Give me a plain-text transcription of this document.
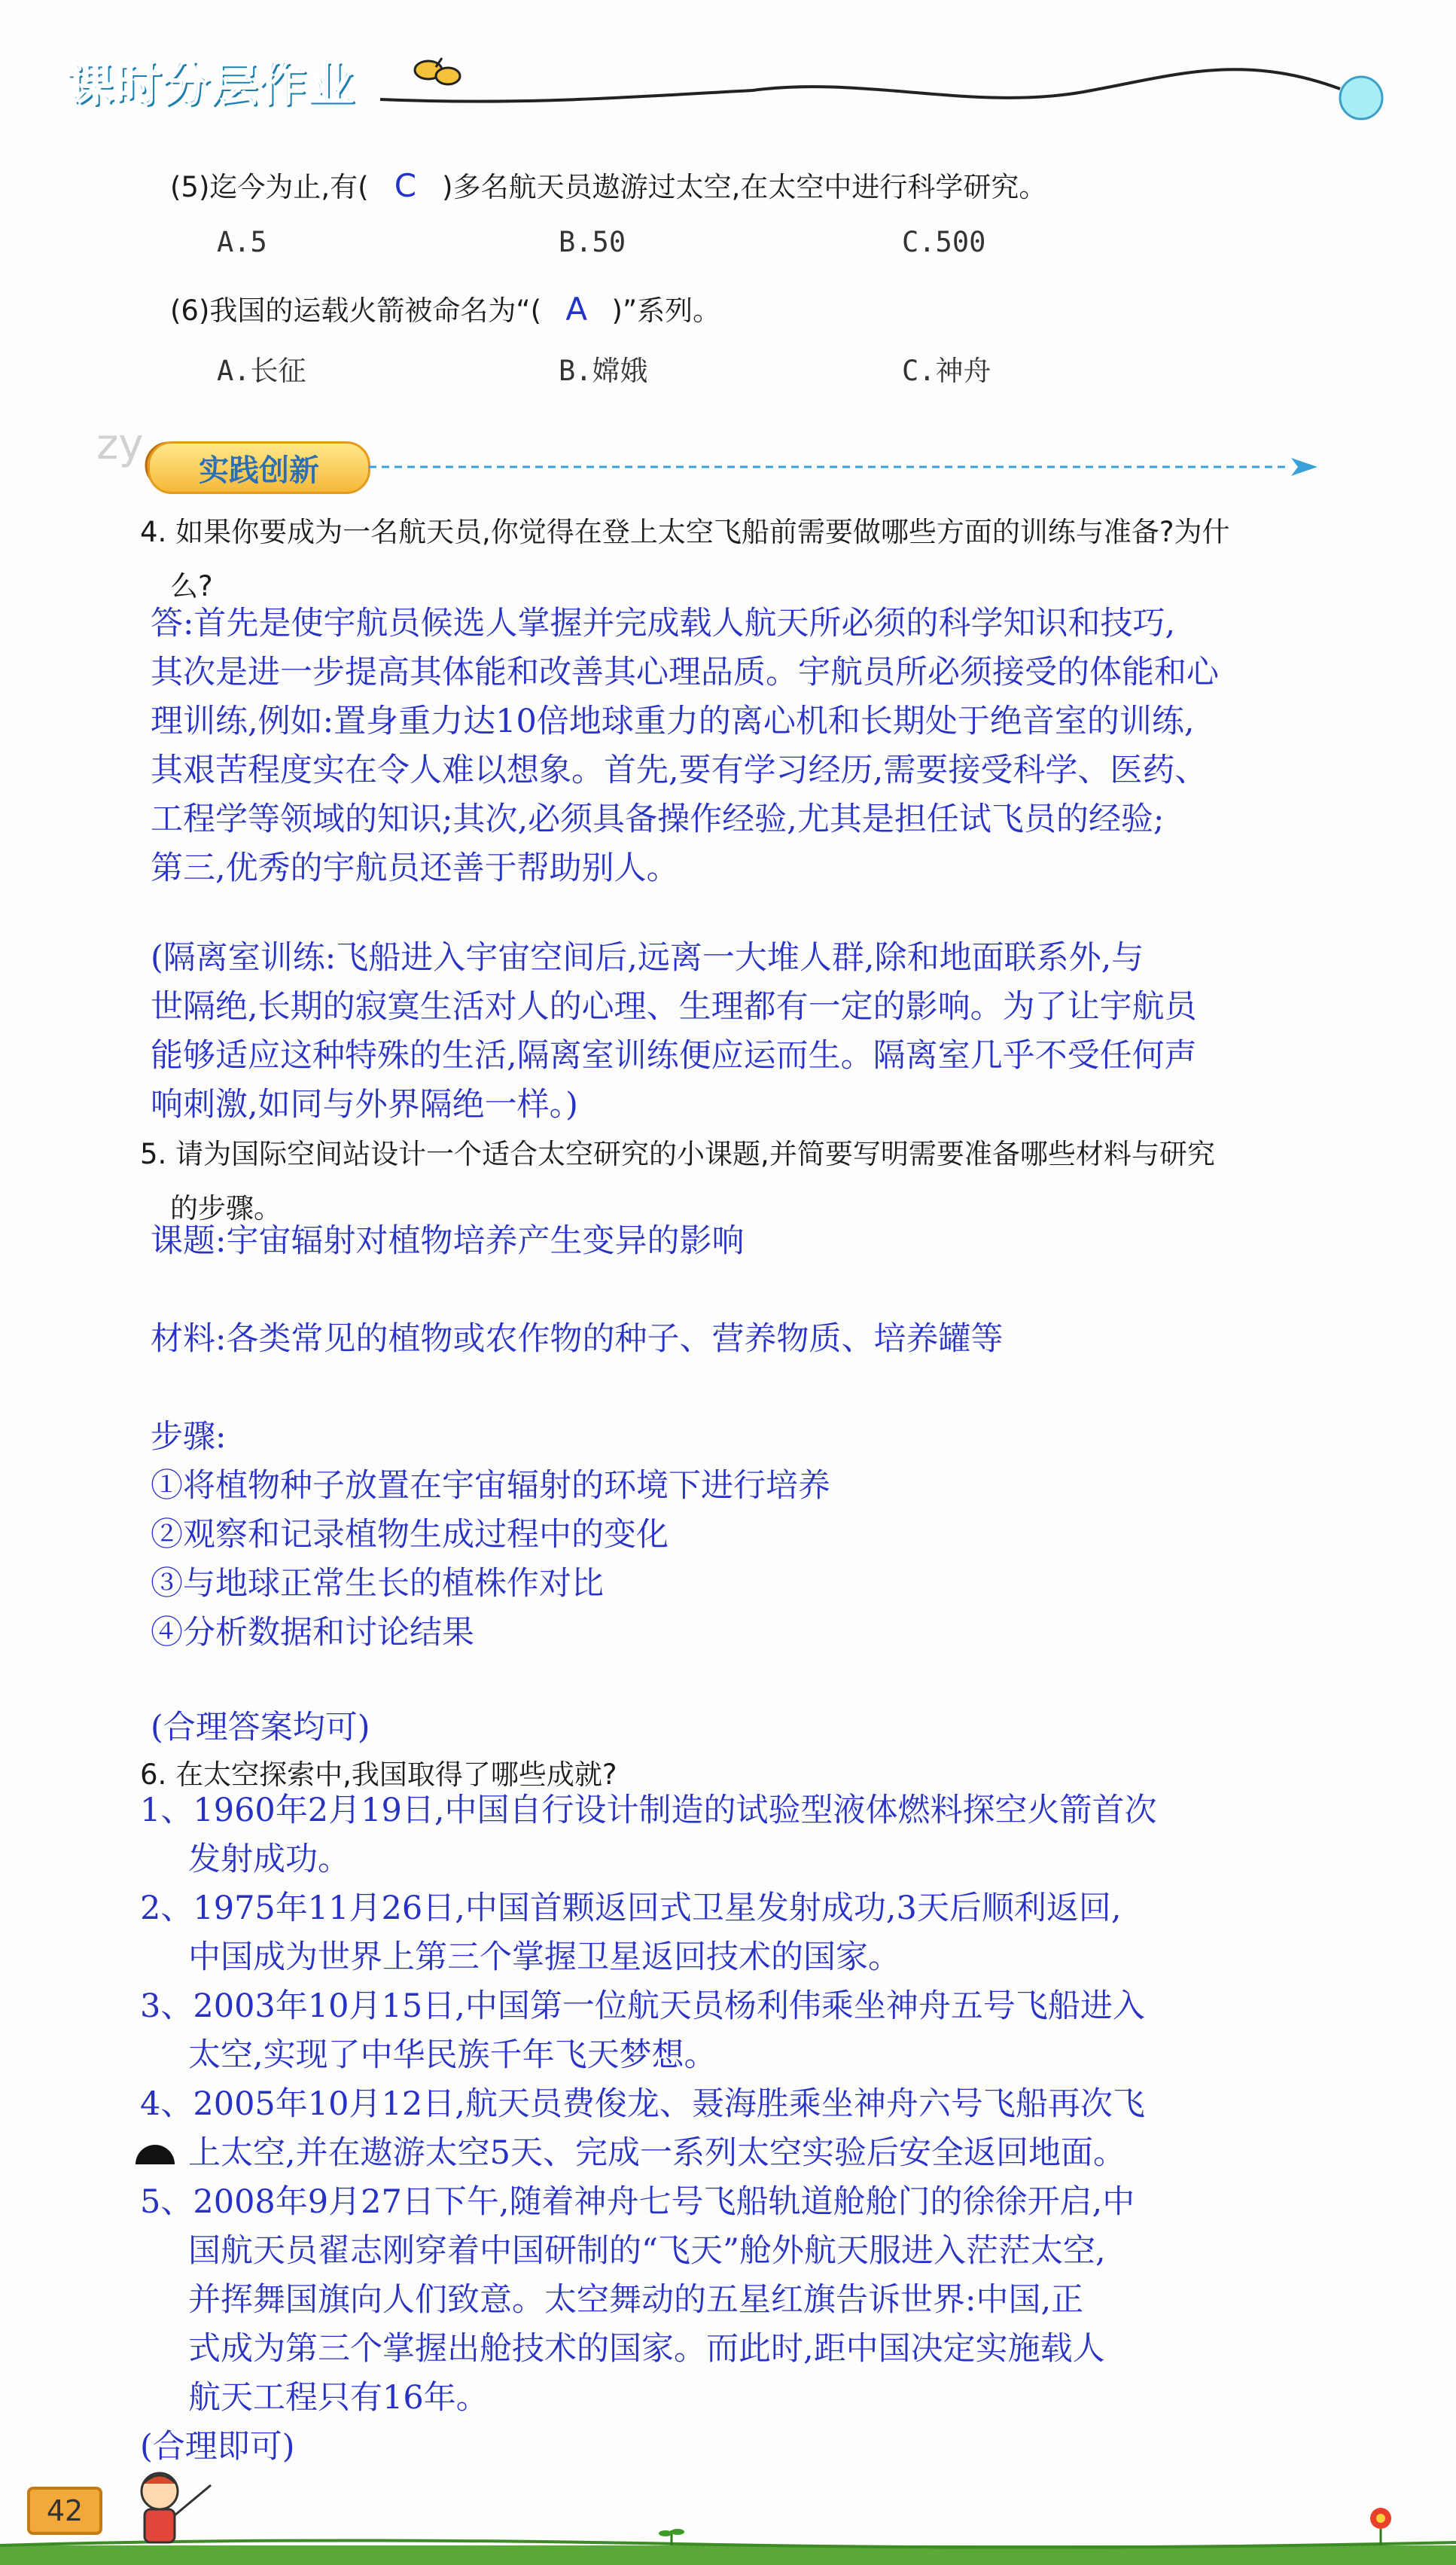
课时分层作业
(5)迄今为止,有( C )多名航天员遨游过太空,在太空中进行科学研究。
A.5	B.50	C.500
(6)我国的运载火箭被命名为“( A )”系列。
A.长征	B.嫦娥	C.神舟
zy
实践创新
4. 如果你要成为一名航天员,你觉得在登上太空飞船前需要做哪些方面的训练与准备?为什
么?
答:首先是使宇航员候选人掌握并完成载人航天所必须的科学知识和技巧,
其次是进一步提高其体能和改善其心理品质。宇航员所必须接受的体能和心
理训练,例如:置身重力达10倍地球重力的离心机和长期处于绝音室的训练,
其艰苦程度实在令人难以想象。首先,要有学习经历,需要接受科学、医药、
工程学等领域的知识;其次,必须具备操作经验,尤其是担任试飞员的经验;
第三,优秀的宇航员还善于帮助别人。
(隔离室训练:飞船进入宇宙空间后,远离一大堆人群,除和地面联系外,与
世隔绝,长期的寂寞生活对人的心理、生理都有一定的影响。为了让宇航员
能够适应这种特殊的生活,隔离室训练便应运而生。隔离室几乎不受任何声
响刺激,如同与外界隔绝一样。)
5. 请为国际空间站设计一个适合太空研究的小课题,并简要写明需要准备哪些材料与研究
的步骤。
课题:宇宙辐射对植物培养产生变异的影响
材料:各类常见的植物或农作物的种子、营养物质、培养罐等
步骤:
①将植物种子放置在宇宙辐射的环境下进行培养
②观察和记录植物生成过程中的变化
③与地球正常生长的植株作对比
④分析数据和讨论结果
(合理答案均可)
6. 在太空探索中,我国取得了哪些成就?
1、1960年2月19日,中国自行设计制造的试验型液体燃料探空火箭首次
发射成功。
2、1975年11月26日,中国首颗返回式卫星发射成功,3天后顺利返回,
中国成为世界上第三个掌握卫星返回技术的国家。
3、2003年10月15日,中国第一位航天员杨利伟乘坐神舟五号飞船进入
太空,实现了中华民族千年飞天梦想。
4、2005年10月12日,航天员费俊龙、聂海胜乘坐神舟六号飞船再次飞
上太空,并在遨游太空5天、完成一系列太空实验后安全返回地面。
5、2008年9月27日下午,随着神舟七号飞船轨道舱舱门的徐徐开启,中
国航天员翟志刚穿着中国研制的“飞天”舱外航天服进入茫茫太空,
并挥舞国旗向人们致意。太空舞动的五星红旗告诉世界:中国,正
式成为第三个掌握出舱技术的国家。而此时,距中国决定实施载人
航天工程只有16年。
(合理即可)
42
